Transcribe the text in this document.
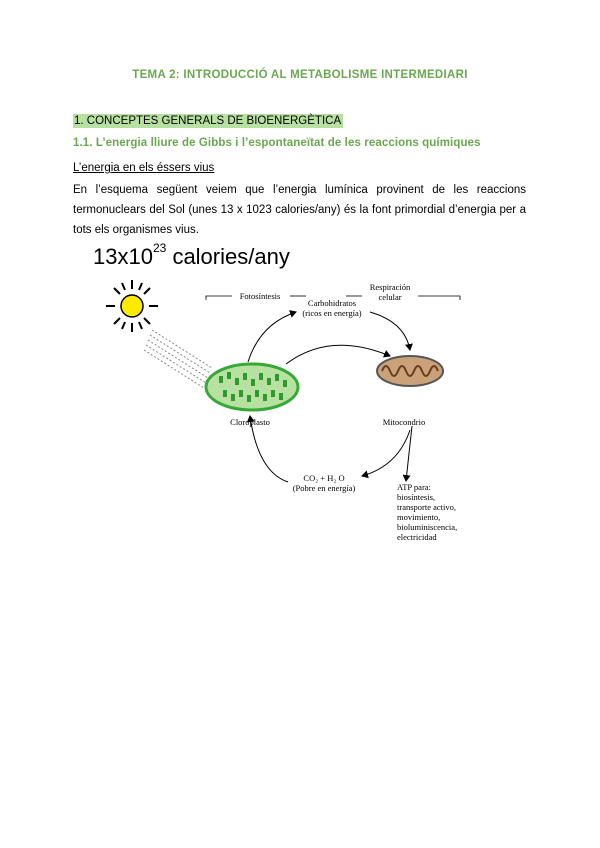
TEMA 2: INTRODUCCIÓ AL METABOLISME INTERMEDIARI
1. CONCEPTES GENERALS DE BIOENERGÈTICA
1.1. L’energia lliure de Gibbs i l’espontaneïtat de les reaccions químiques
L’energia en els éssers vius
En l’esquema següent veiem que l’energia lumínica provinent de les reaccions termonuclears del Sol (unes 13 x 1023 calories/any) és la font primordial d’energia per a tots els organismes vius.
$13x10^{23}$ calories/any
Fotosíntesis
Respiración
celular
Carbohidratos
(ricos en energía)
Cloroplasto	Mitocondrio
CO₂ + H₂ O
(Pobre en energía)	ATP para:
biosíntesis,
transporte activo,
movimiento,
bioluminiscencia,
electricidad
